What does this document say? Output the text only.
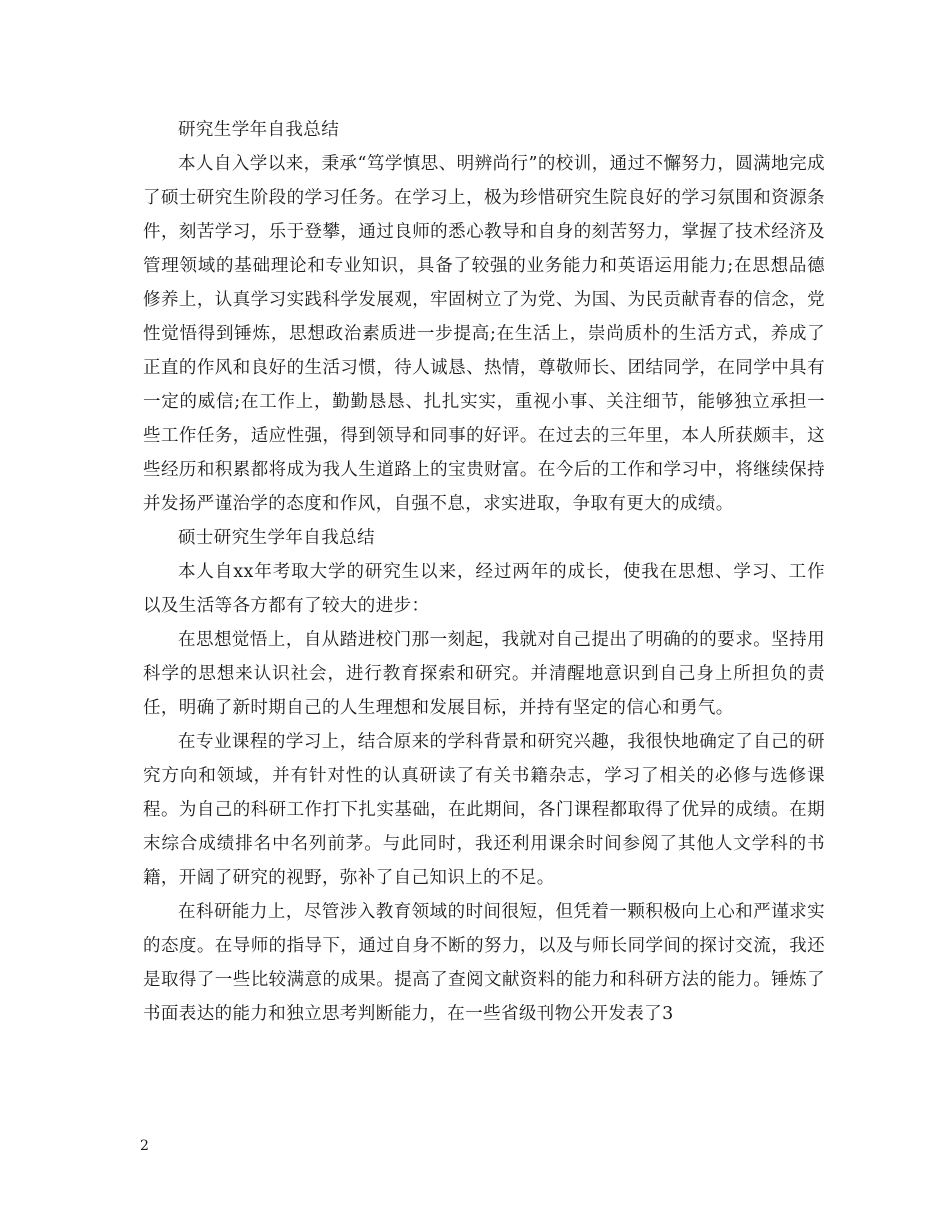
研究生学年自我总结

本人自入学以来，秉承“笃学慎思、明辨尚行”的校训，通过不懈努力，圆满地完成了硕士研究生阶段的学习任务。在学习上，极为珍惜研究生院良好的学习氛围和资源条件，刻苦学习，乐于登攀，通过良师的悉心教导和自身的刻苦努力，掌握了技术经济及管理领域的基础理论和专业知识，具备了较强的业务能力和英语运用能力;在思想品德修养上，认真学习实践科学发展观，牢固树立了为党、为国、为民贡献青春的信念，党性觉悟得到锤炼，思想政治素质进一步提高;在生活上，崇尚质朴的生活方式，养成了正直的作风和良好的生活习惯，待人诚恳、热情，尊敬师长、团结同学，在同学中具有一定的威信;在工作上，勤勤恳恳、扎扎实实，重视小事、关注细节，能够独立承担一些工作任务，适应性强，得到领导和同事的好评。在过去的三年里，本人所获颇丰，这些经历和积累都将成为我人生道路上的宝贵财富。在今后的工作和学习中，将继续保持并发扬严谨治学的态度和作风，自强不息，求实进取，争取有更大的成绩。

硕士研究生学年自我总结

本人自xx年考取大学的研究生以来，经过两年的成长，使我在思想、学习、工作以及生活等各方都有了较大的进步：

在思想觉悟上，自从踏进校门那一刻起，我就对自己提出了明确的的要求。坚持用科学的思想来认识社会，进行教育探索和研究。并清醒地意识到自己身上所担负的责任，明确了新时期自己的人生理想和发展目标，并持有坚定的信心和勇气。

在专业课程的学习上，结合原来的学科背景和研究兴趣，我很快地确定了自己的研究方向和领域，并有针对性的认真研读了有关书籍杂志，学习了相关的必修与选修课程。为自己的科研工作打下扎实基础，在此期间，各门课程都取得了优异的成绩。在期末综合成绩排名中名列前茅。与此同时，我还利用课余时间参阅了其他人文学科的书籍，开阔了研究的视野，弥补了自己知识上的不足。

在科研能力上，尽管涉入教育领域的时间很短，但凭着一颗积极向上心和严谨求实的态度。在导师的指导下，通过自身不断的努力，以及与师长同学间的探讨交流，我还是取得了一些比较满意的成果。提高了查阅文献资料的能力和科研方法的能力。锤炼了书面表达的能力和独立思考判断能力，在一些省级刊物公开发表了3

2
